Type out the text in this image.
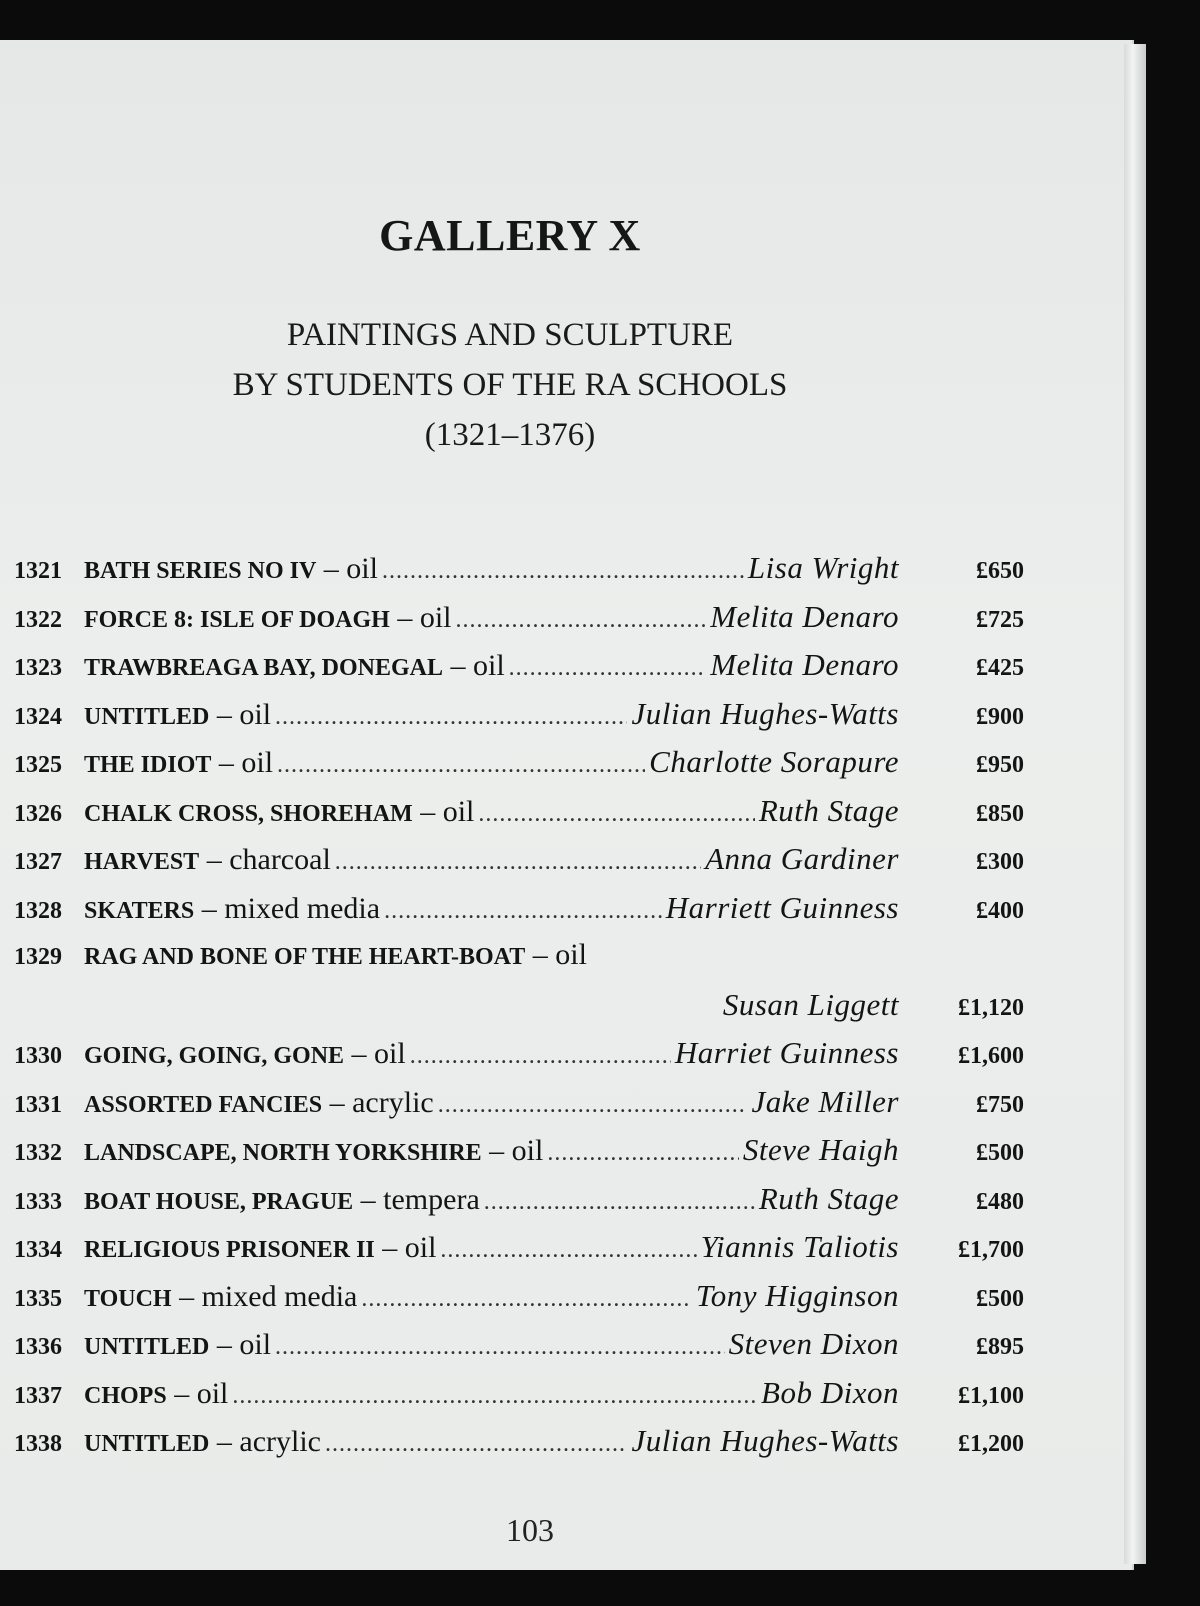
GALLERY X
PAINTINGS AND SCULPTURE
BY STUDENTS OF THE RA SCHOOLS
(1321–1376)
1321 BATH SERIES NO IV – oil .....	Lisa Wright	£650
1322 FORCE 8: ISLE OF DOAGH – oil .....	Melita Denaro	£725
1323 TRAWBREAGA BAY, DONEGAL – oil .....	Melita Denaro	£425
1324 UNTITLED – oil .....	Julian Hughes-Watts	£900
1325 THE IDIOT – oil .....	Charlotte Sorapure	£950
1326 CHALK CROSS, SHOREHAM – oil .....	Ruth Stage	£850
1327 HARVEST – charcoal .....	Anna Gardiner	£300
1328 SKATERS – mixed media .....	Harriett Guinness	£400
1329 RAG AND BONE OF THE HEART-BOAT – oil
Susan Liggett	£1,120
1330 GOING, GOING, GONE – oil .....	Harriet Guinness	£1,600
1331 ASSORTED FANCIES – acrylic .....	Jake Miller	£750
1332 LANDSCAPE, NORTH YORKSHIRE – oil .....	Steve Haigh	£500
1333 BOAT HOUSE, PRAGUE – tempera .....	Ruth Stage	£480
1334 RELIGIOUS PRISONER II – oil .....	Yiannis Taliotis	£1,700
1335 TOUCH – mixed media .....	Tony Higginson	£500
1336 UNTITLED – oil .....	Steven Dixon	£895
1337 CHOPS – oil .....	Bob Dixon	£1,100
1338 UNTITLED – acrylic .....	Julian Hughes-Watts	£1,200
103
